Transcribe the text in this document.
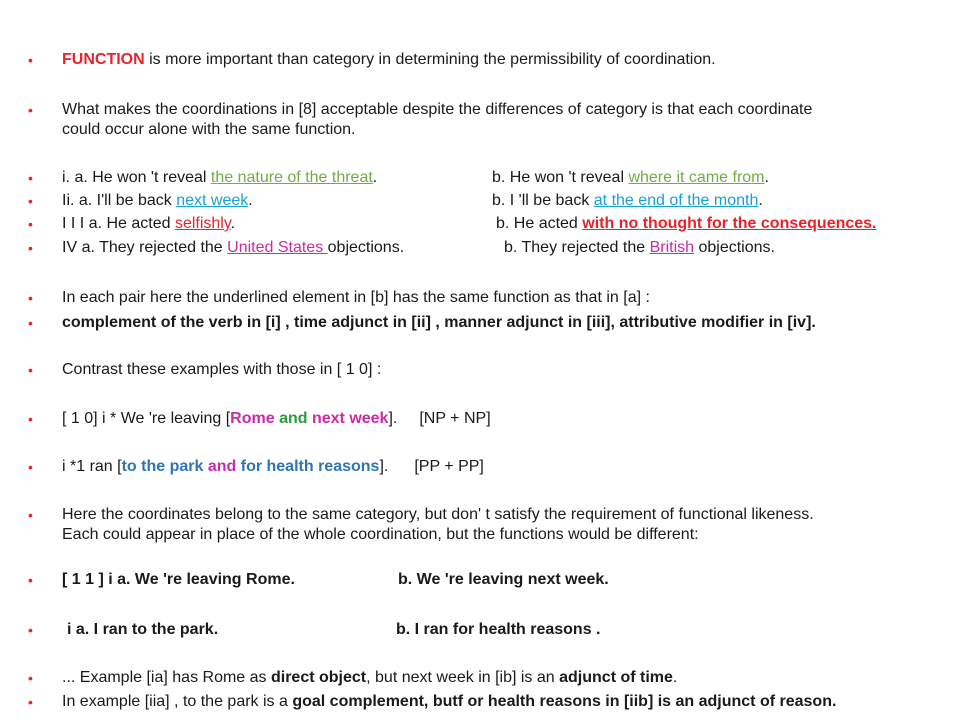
• FUNCTION is more important than category in determining the permissibility of coordination.
• What makes the coordinations in [8] acceptable despite the differences of category is that each coordinate
could occur alone with the same function.
• i. a. He won 't reveal the nature of the threat.	b. He won 't reveal where it came from.
• Ii. a. I'll be back next week.	b. I 'll be back at the end of the month.
• I I I a. He acted selfishly.	b. He acted with no thought for the consequences.
• IV a. They rejected the United States objections.	b. They rejected the British objections.
• In each pair here the underlined element in [b] has the same function as that in [a] :
• complement of the verb in [i] , time adjunct in [ii] , manner adjunct in [iii], attributive modifier in [iv].
• Contrast these examples with those in [ 1 0] :
• [ 1 0] i * We 're leaving [Rome and next week]. [NP + NP]
• i *1 ran [to the park and for health reasons]. [PP + PP]
• Here the coordinates belong to the same category, but don' t satisfy the requirement of functional likeness.
Each could appear in place of the whole coordination, but the functions would be different:
• [ 1 1 ] i a. We 're leaving Rome.	b. We 're leaving next week.
•	i a. I ran to the park.	b. I ran for health reasons .
• ... Example [ia] has Rome as direct object, but next week in [ib] is an adjunct of time.
• In example [iia] , to the park is a goal complement, butf or health reasons in [iib] is an adjunct of reason.
